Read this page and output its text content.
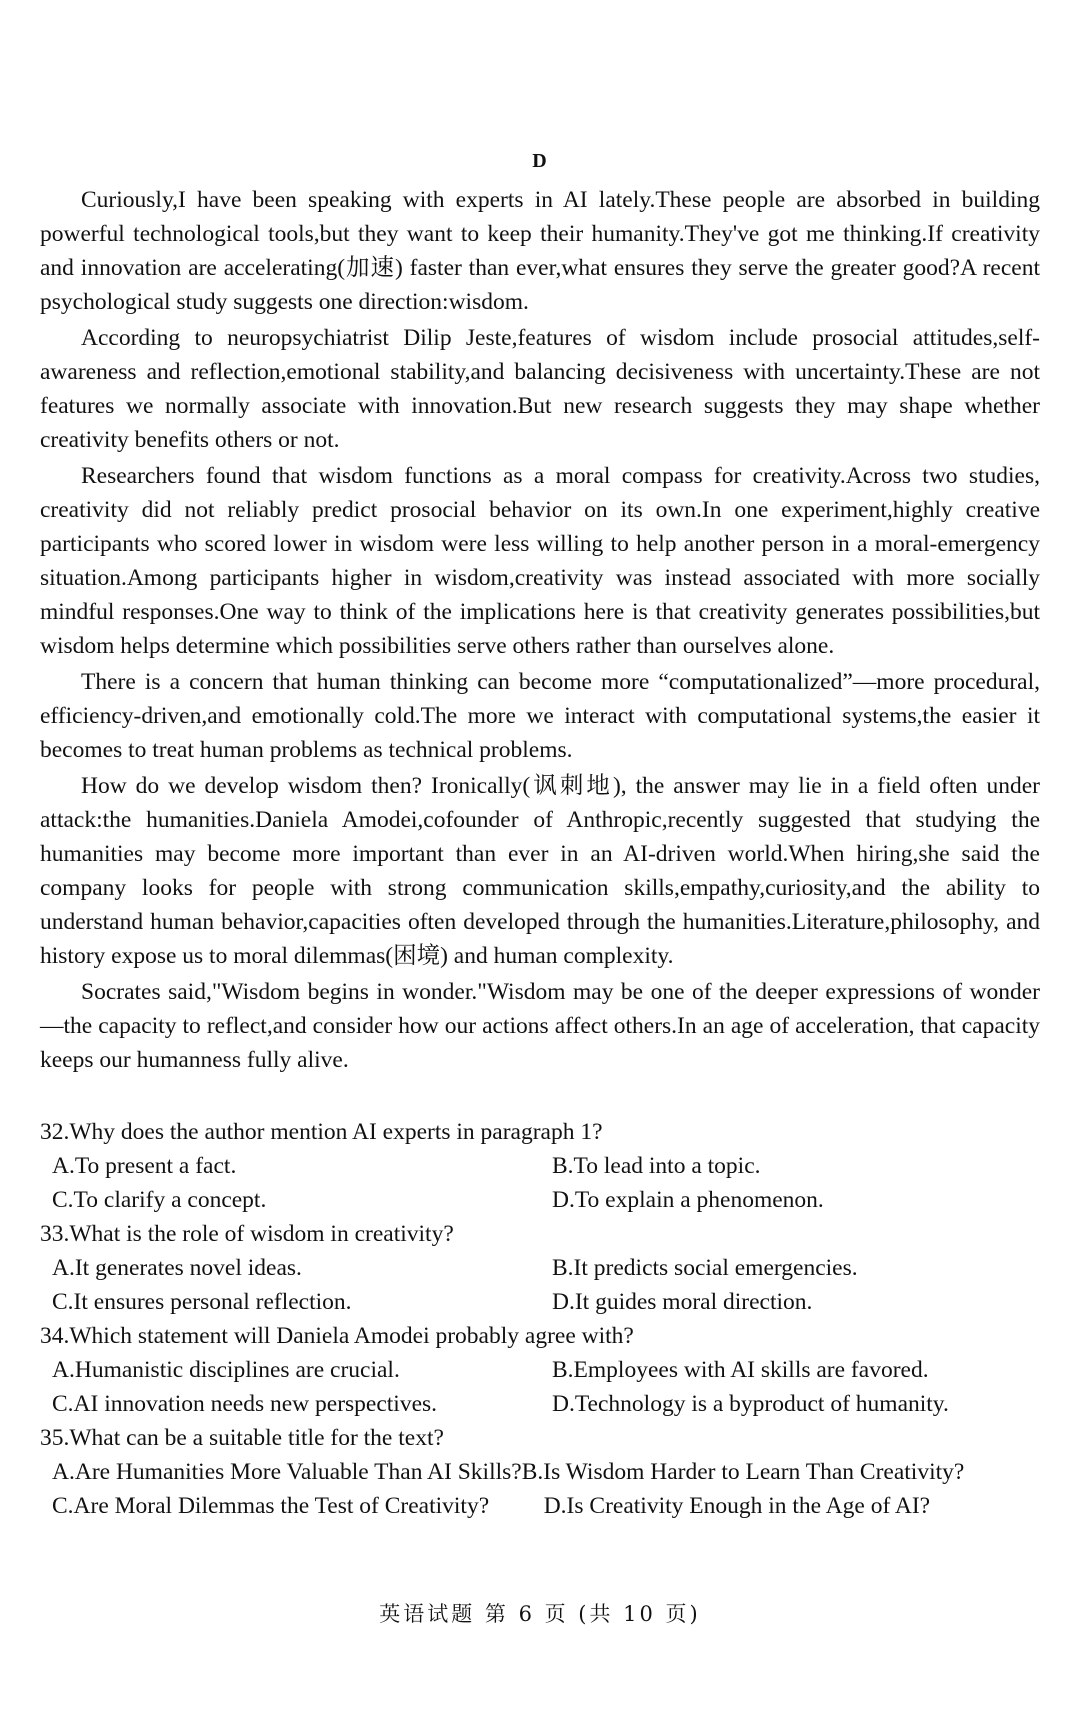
D

Curiously,I have been speaking with experts in AI lately.These people are absorbed in building powerful technological tools,but they want to keep their humanity.They've got me thinking.If creativity and innovation are accelerating(加速) faster than ever,what ensures they serve the greater good?A recent psychological study suggests one direction:wisdom.

According to neuropsychiatrist Dilip Jeste,features of wisdom include prosocial attitudes,self-awareness and reflection,emotional stability,and balancing decisiveness with uncertainty.These are not features we normally associate with innovation.But new research suggests they may shape whether creativity benefits others or not.

Researchers found that wisdom functions as a moral compass for creativity.Across two studies, creativity did not reliably predict prosocial behavior on its own.In one experiment,highly creative participants who scored lower in wisdom were less willing to help another person in a moral-emergency situation.Among participants higher in wisdom,creativity was instead associated with more socially mindful responses.One way to think of the implications here is that creativity generates possibilities,but wisdom helps determine which possibilities serve others rather than ourselves alone.

There is a concern that human thinking can become more “computationalized”—more procedural, efficiency-driven,and emotionally cold.The more we interact with computational systems,the easier it becomes to treat human problems as technical problems.

How do we develop wisdom then? Ironically(讽刺地), the answer may lie in a field often under attack:the humanities.Daniela Amodei,cofounder of Anthropic,recently suggested that studying the humanities may become more important than ever in an AI-driven world.When hiring,she said the company looks for people with strong communication skills,empathy,curiosity,and the ability to understand human behavior,capacities often developed through the humanities.Literature,philosophy, and history expose us to moral dilemmas(困境) and human complexity.

Socrates said,"Wisdom begins in wonder."Wisdom may be one of the deeper expressions of wonder—the capacity to reflect,and consider how our actions affect others.In an age of acceleration, that capacity keeps our humanness fully alive.

32.Why does the author mention AI experts in paragraph 1?

A.To present a fact.	B.To lead into a topic.
C.To clarify a concept.	D.To explain a phenomenon.

33.What is the role of wisdom in creativity?

A.It generates novel ideas.	B.It predicts social emergencies.
C.It ensures personal reflection.	D.It guides moral direction.

34.Which statement will Daniela Amodei probably agree with?

A.Humanistic disciplines are crucial.	B.Employees with AI skills are favored.
C.AI innovation needs new perspectives.	D.Technology is a byproduct of humanity.

35.What can be a suitable title for the text?

A.Are Humanities More Valuable Than AI Skills? B.Is Wisdom Harder to Learn Than Creativity?
C.Are Moral Dilemmas the Test of Creativity?	D.Is Creativity Enough in the Age of AI?
英语试题 第 6 页 (共 10 页)
